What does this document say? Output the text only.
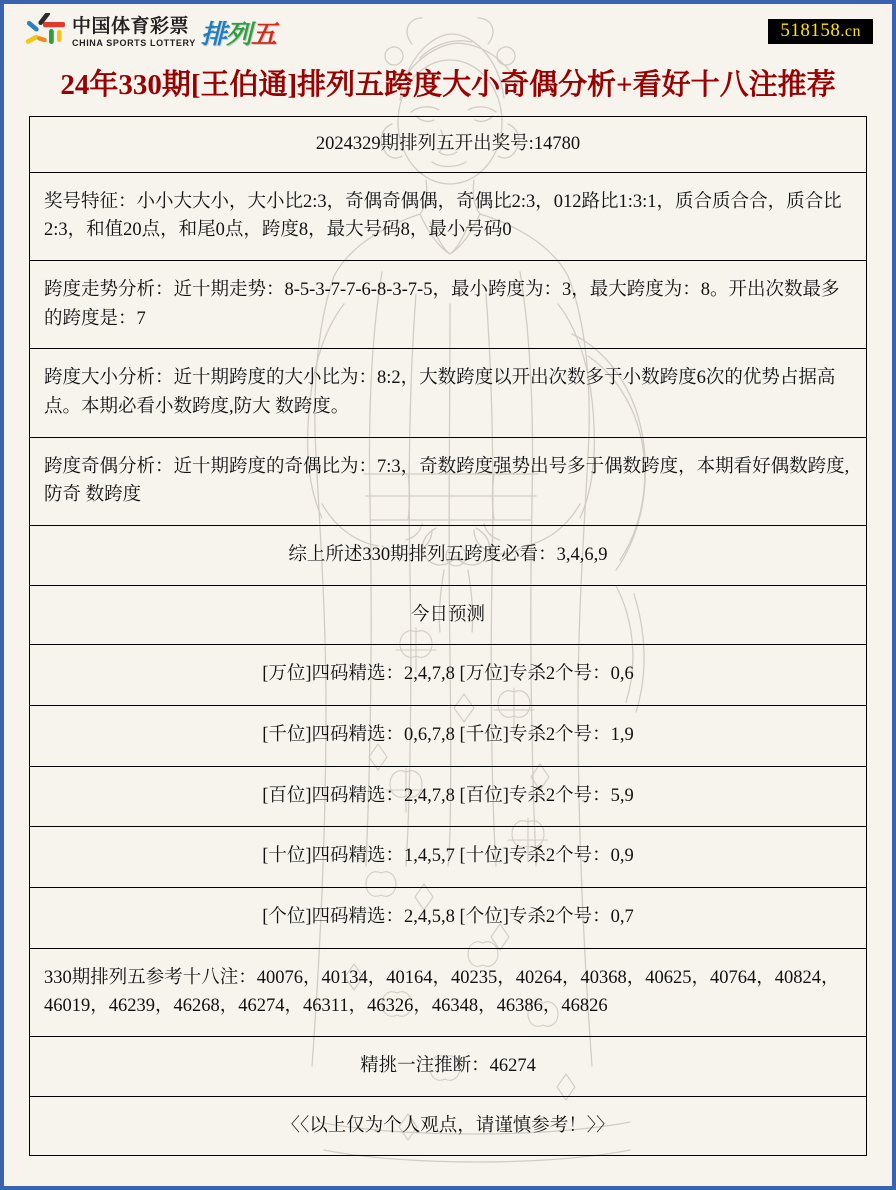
中国体育彩票
CHINA SPORTS LOTTERY 排列五	518158.cn
24年330期[王伯通]排列五跨度大小奇偶分析+看好十八注推荐
2024329期排列五开出奖号:14780
奖号特征：小小大大小，大小比2:3，奇偶奇偶偶，奇偶比2:3，012路比1:3:1，质合质合合，质合比2:3，和值20点，和尾0点，跨度8，最大号码8，最小号码0
跨度走势分析：近十期走势：8-5-3-7-7-6-8-3-7-5，最小跨度为：3，最大跨度为：8。开出次数最多的跨度是：7
跨度大小分析：近十期跨度的大小比为：8:2，大数跨度以开出次数多于小数跨度6次的优势占据高点。本期必看小数跨度,防大 数跨度。
跨度奇偶分析：近十期跨度的奇偶比为：7:3，奇数跨度强势出号多于偶数跨度，本期看好偶数跨度,防奇 数跨度
综上所述330期排列五跨度必看：3,4,6,9
今日预测
[万位]四码精选：2,4,7,8 [万位]专杀2个号：0,6
[千位]四码精选：0,6,7,8 [千位]专杀2个号：1,9
[百位]四码精选：2,4,7,8 [百位]专杀2个号：5,9
[十位]四码精选：1,4,5,7 [十位]专杀2个号：0,9
[个位]四码精选：2,4,5,8 [个位]专杀2个号：0,7
330期排列五参考十八注：40076，40134，40164，40235，40264，40368，40625，40764，40824，46019，46239，46268，46274，46311，46326，46348，46386，46826
精挑一注推断：46274
〈〈以上仅为个人观点，请谨慎参考！〉〉
